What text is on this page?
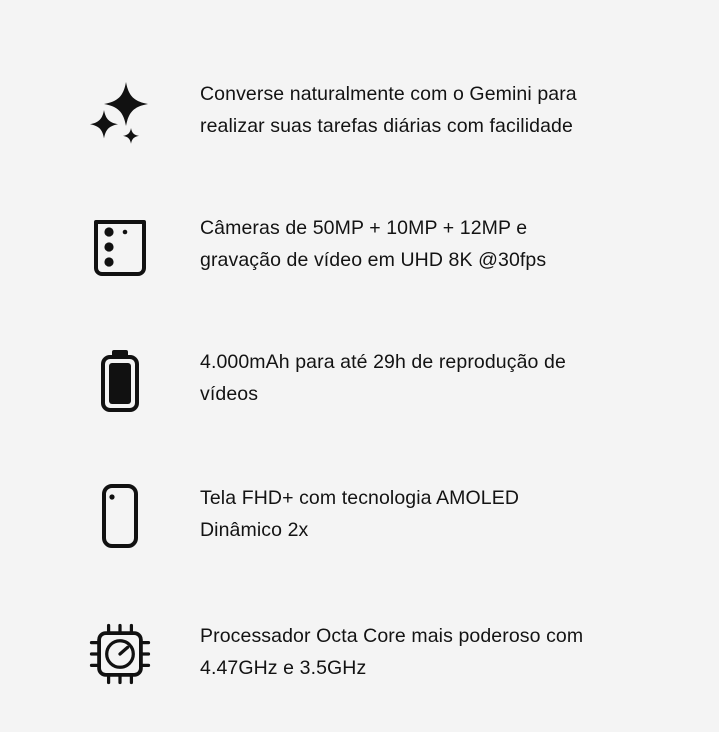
Converse naturalmente com o Gemini para realizar suas tarefas diárias com facilidade
Câmeras de 50MP + 10MP + 12MP e gravação de vídeo em UHD 8K @30fps
4.000mAh para até 29h de reprodução de vídeos
Tela FHD+ com tecnologia AMOLED Dinâmico 2x
Processador Octa Core mais poderoso com 4.47GHz e 3.5GHz
